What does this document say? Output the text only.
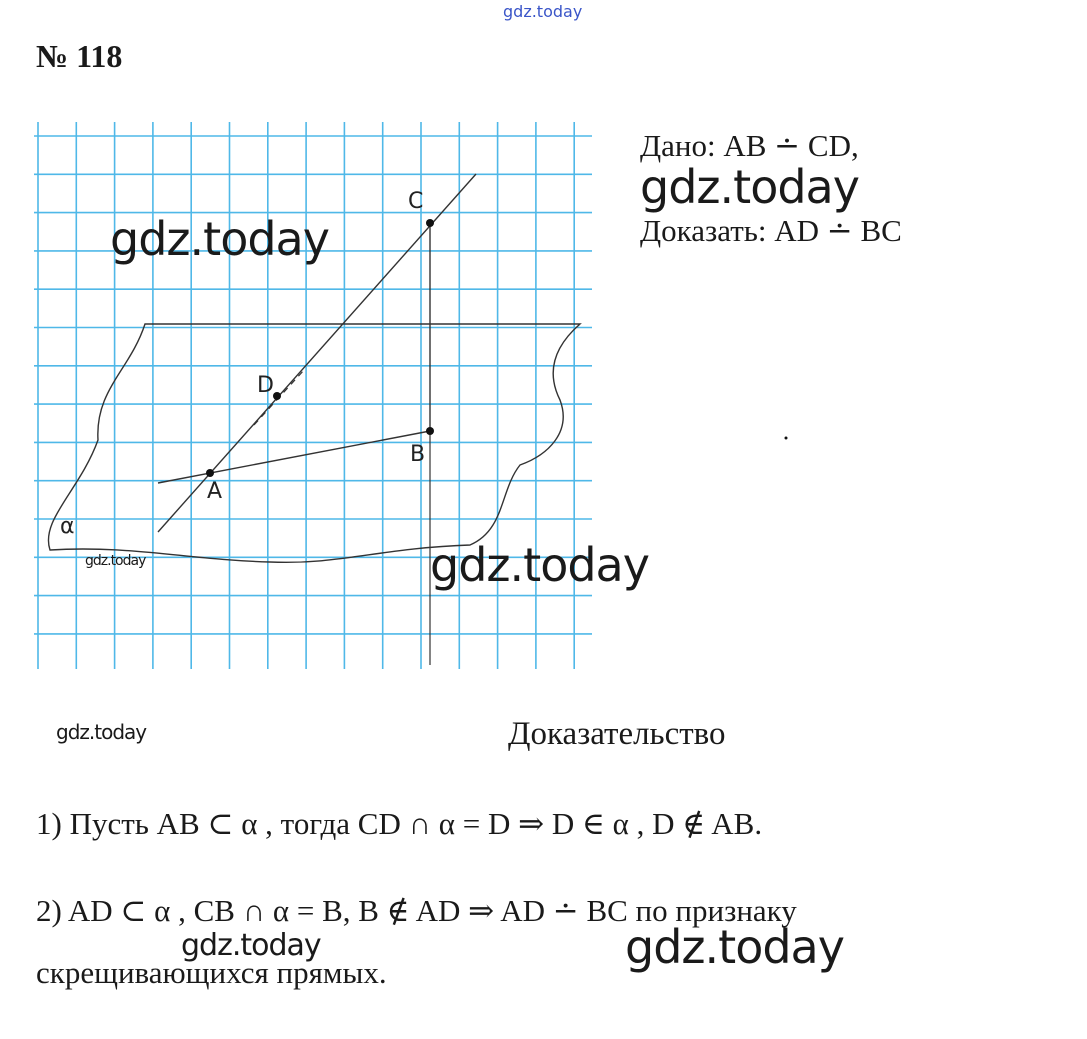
C
D
B
A
α
gdz.today
№ 118
Дано: AB ∸ CD,
gdz.today
Доказать: AD ∸ BC
gdz.today
gdz.today	gdz.today
gdz.today	Доказательство
1) Пусть AB ⊂ α , тогда CD ∩ α = D ⇒ D ∈ α , D ∉ AB.
2) AD ⊂ α , CB ∩ α = B, B ∉ AD ⇒ AD ∸ BC по признаку
gdz.today	gdz.today
скрещивающихся прямых.
